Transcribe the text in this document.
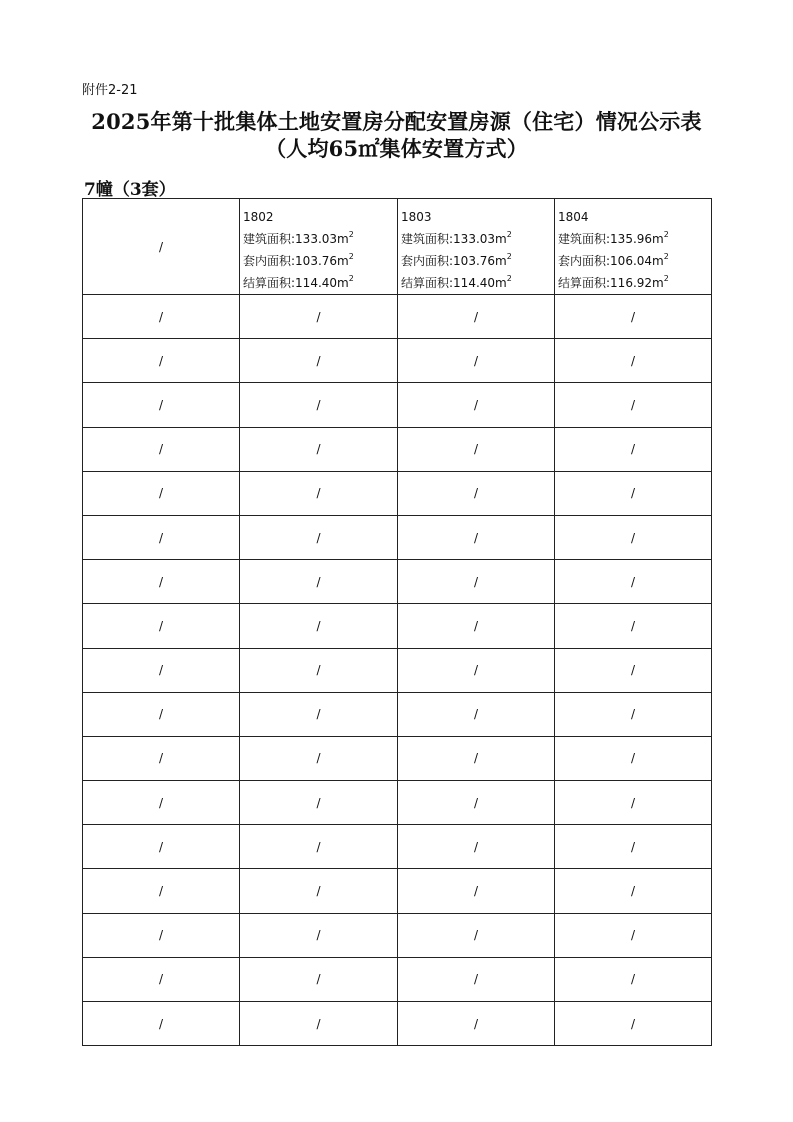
附件2-21
2025年第十批集体土地安置房分配安置房源（住宅）情况公示表
（人均65㎡集体安置方式）
7幢（3套）
/	1802
建筑面积$:133.03m^2$
套内面积$:103.76m^2$
结算面积$:114.40m^2$	1803
建筑面积$:133.03m^2$
套内面积$:103.76m^2$
结算面积$:114.40m^2$	1804
建筑面积$:135.96m^2$
套内面积$:106.04m^2$
结算面积$:116.92m^2$

/	/	/	/
/	/	/	/
/	/	/	/
/	/	/	/
/	/	/	/
/	/	/	/
/	/	/	/
/	/	/	/
/	/	/	/
/	/	/	/
/	/	/	/
/	/	/	/
/	/	/	/
/	/	/	/
/	/	/	/
/	/	/	/
/	/	/	/
